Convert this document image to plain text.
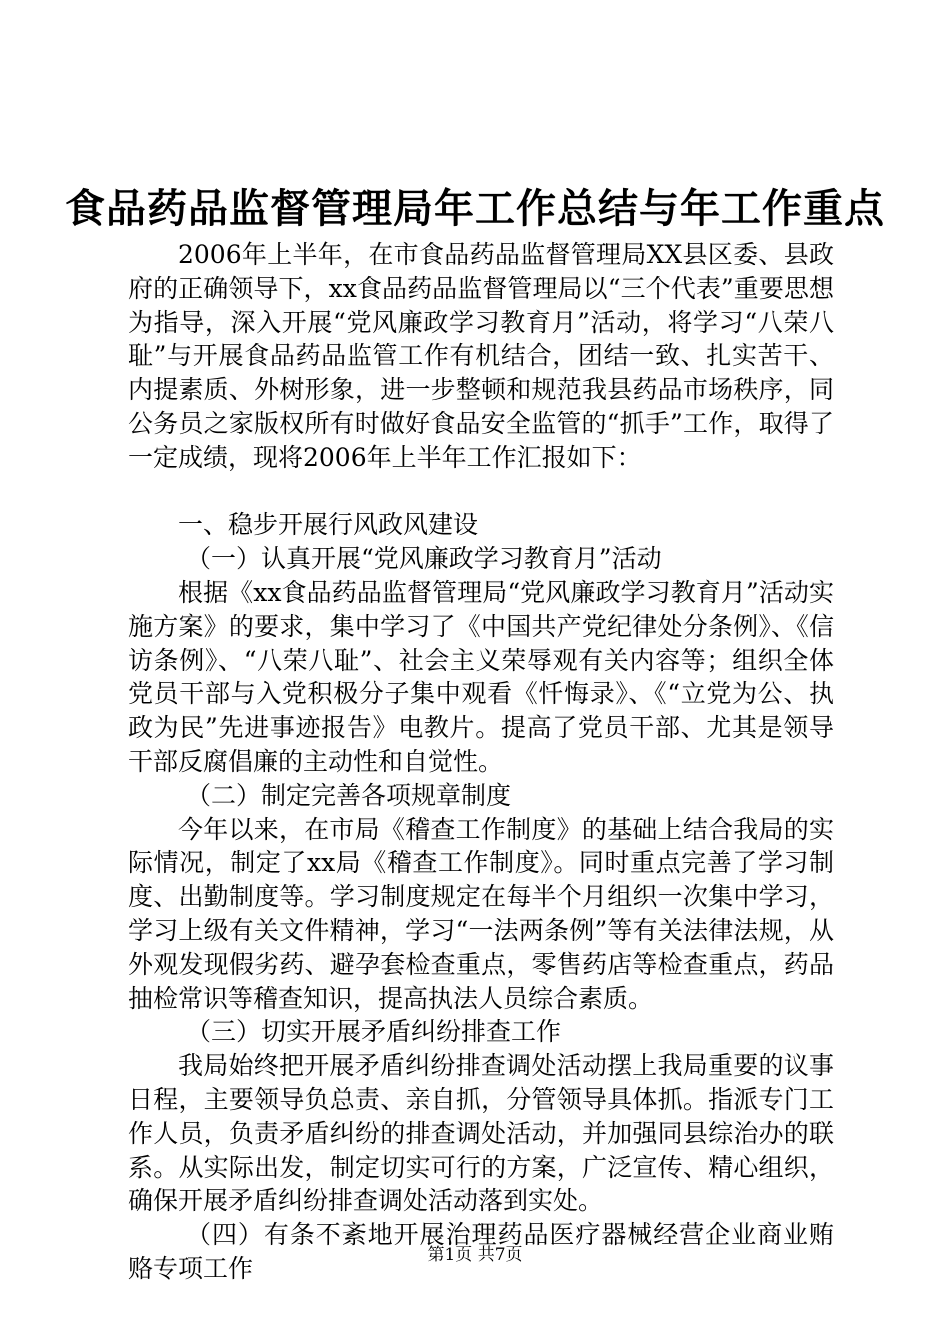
食品药品监督管理局年工作总结与年工作重点

2006年上半年，在市食品药品监督管理局XX县区委、县政府的正确领导下，xx食品药品监督管理局以“三个代表”重要思想为指导，深入开展“党风廉政学习教育月”活动，将学习“八荣八耻”与开展食品药品监管工作有机结合，团结一致、扎实苦干、内提素质、外树形象，进一步整顿和规范我县药品市场秩序，同公务员之家版权所有时做好食品安全监管的“抓手”工作，取得了一定成绩，现将2006年上半年工作汇报如下：

一、稳步开展行风政风建设

（一）认真开展“党风廉政学习教育月”活动

根据《xx食品药品监督管理局“党风廉政学习教育月”活动实施方案》的要求，集中学习了《中国共产党纪律处分条例》、《信访条例》、“八荣八耻”、社会主义荣辱观有关内容等；组织全体党员干部与入党积极分子集中观看《忏悔录》、《“立党为公、执政为民”先进事迹报告》电教片。提高了党员干部、尤其是领导干部反腐倡廉的主动性和自觉性。

（二）制定完善各项规章制度

今年以来，在市局《稽查工作制度》的基础上结合我局的实际情况，制定了xx局《稽查工作制度》。同时重点完善了学习制度、出勤制度等。学习制度规定在每半个月组织一次集中学习，学习上级有关文件精神，学习“一法两条例”等有关法律法规，从外观发现假劣药、避孕套检查重点，零售药店等检查重点，药品抽检常识等稽查知识，提高执法人员综合素质。

（三）切实开展矛盾纠纷排查工作

我局始终把开展矛盾纠纷排查调处活动摆上我局重要的议事日程，主要领导负总责、亲自抓，分管领导具体抓。指派专门工作人员，负责矛盾纠纷的排查调处活动，并加强同县综治办的联系。从实际出发，制定切实可行的方案，广泛宣传、精心组织，确保开展矛盾纠纷排查调处活动落到实处。

（四）有条不紊地开展治理药品医疗器械经营企业商业贿赂专项工作	第1页 共7页
